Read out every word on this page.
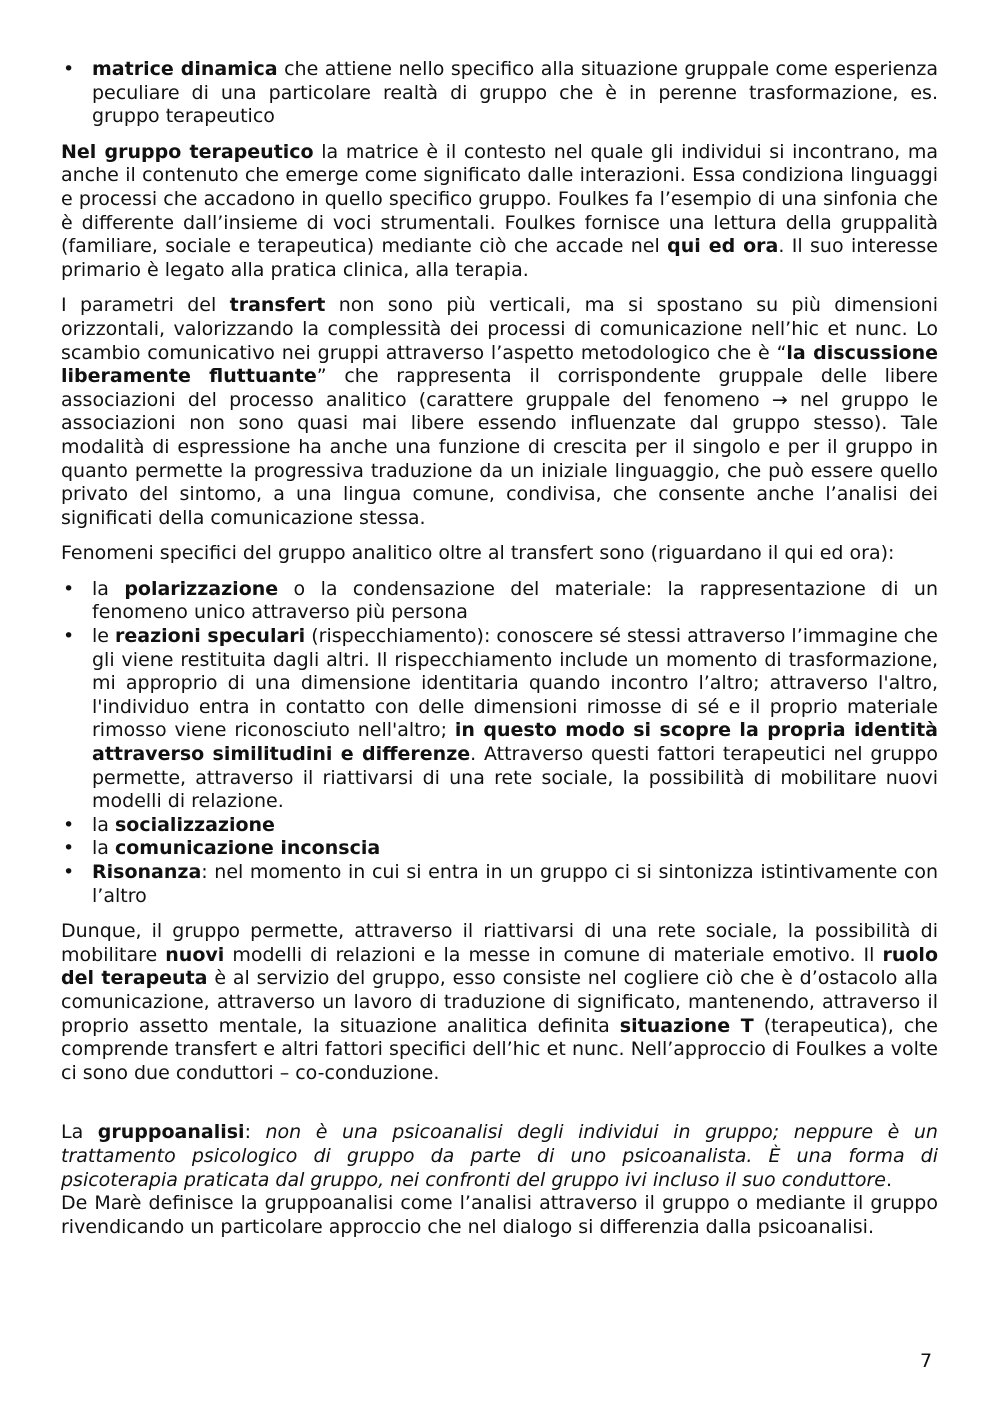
• matrice dinamica che attiene nello specifico alla situazione gruppale come esperienza peculiare di una particolare realtà di gruppo che è in perenne trasformazione, es. gruppo terapeutico

Nel gruppo terapeutico la matrice è il contesto nel quale gli individui si incontrano, ma anche il contenuto che emerge come significato dalle interazioni. Essa condiziona linguaggi e processi che accadono in quello specifico gruppo. Foulkes fa l’esempio di una sinfonia che è differente dall’insieme di voci strumentali. Foulkes fornisce una lettura della gruppalità (familiare, sociale e terapeutica) mediante ciò che accade nel qui ed ora. Il suo interesse primario è legato alla pratica clinica, alla terapia.

I parametri del transfert non sono più verticali, ma si spostano su più dimensioni orizzontali, valorizzando la complessità dei processi di comunicazione nell’hic et nunc. Lo scambio comunicativo nei gruppi attraverso l’aspetto metodologico che è “la discussione liberamente fluttuante” che rappresenta il corrispondente gruppale delle libere associazioni del processo analitico (carattere gruppale del fenomeno → nel gruppo le associazioni non sono quasi mai libere essendo influenzate dal gruppo stesso). Tale modalità di espressione ha anche una funzione di crescita per il singolo e per il gruppo in quanto permette la progressiva traduzione da un iniziale linguaggio, che può essere quello privato del sintomo, a una lingua comune, condivisa, che consente anche l’analisi dei significati della comunicazione stessa.

Fenomeni specifici del gruppo analitico oltre al transfert sono (riguardano il qui ed ora):

• la polarizzazione o la condensazione del materiale: la rappresentazione di un fenomeno unico attraverso più persona
• le reazioni speculari (rispecchiamento): conoscere sé stessi attraverso l’immagine che gli viene restituita dagli altri. Il rispecchiamento include un momento di trasformazione, mi approprio di una dimensione identitaria quando incontro l’altro; attraverso l'altro, l'individuo entra in contatto con delle dimensioni rimosse di sé e il proprio materiale rimosso viene riconosciuto nell'altro; in questo modo si scopre la propria identità attraverso similitudini e differenze. Attraverso questi fattori terapeutici nel gruppo permette, attraverso il riattivarsi di una rete sociale, la possibilità di mobilitare nuovi modelli di relazione.
• la socializzazione
• la comunicazione inconscia
• Risonanza: nel momento in cui si entra in un gruppo ci si sintonizza istintivamente con l’altro

Dunque, il gruppo permette, attraverso il riattivarsi di una rete sociale, la possibilità di mobilitare nuovi modelli di relazioni e la messe in comune di materiale emotivo. Il ruolo del terapeuta è al servizio del gruppo, esso consiste nel cogliere ciò che è d’ostacolo alla comunicazione, attraverso un lavoro di traduzione di significato, mantenendo, attraverso il proprio assetto mentale, la situazione analitica definita situazione T (terapeutica), che comprende transfert e altri fattori specifici dell’hic et nunc. Nell’approccio di Foulkes a volte ci sono due conduttori – co-conduzione.

La gruppoanalisi: non è una psicoanalisi degli individui in gruppo; neppure è un trattamento psicologico di gruppo da parte di uno psicoanalista. È una forma di psicoterapia praticata dal gruppo, nei confronti del gruppo ivi incluso il suo conduttore.

De Marè definisce la gruppoanalisi come l’analisi attraverso il gruppo o mediante il gruppo rivendicando un particolare approccio che nel dialogo si differenzia dalla psicoanalisi.

7
